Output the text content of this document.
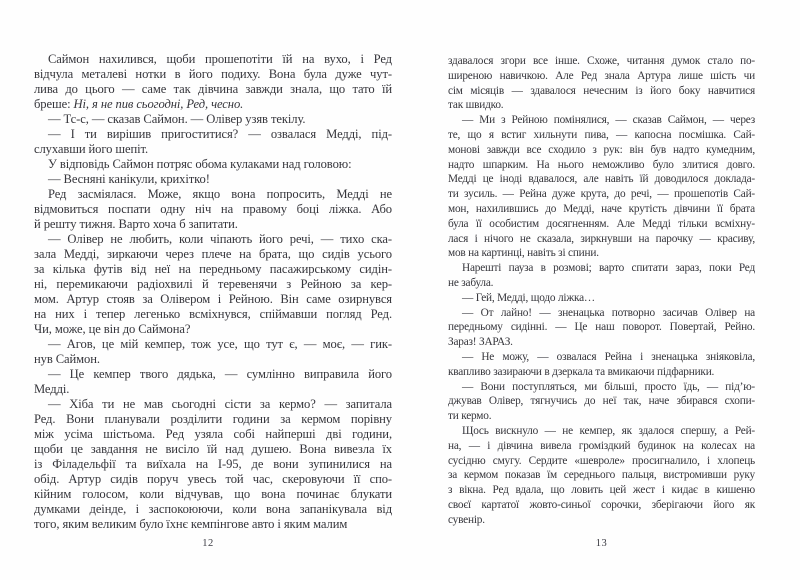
Саймон нахилився, щоби прошепотіти їй на вухо, і Ред
відчула металеві нотки в його подиху. Вона була дуже чут-
лива до цього — саме так дівчина завжди знала, що тато їй
бреше: Ні, я не пив сьогодні, Ред, чесно.
— Тс-с, — сказав Саймон. — Олівер узяв текілу.
— І ти вирішив пригоститися? — озвалася Медді, під-
слухавши його шепіт.
У відповідь Саймон потряс обома кулаками над головою:
— Весняні канікули, крихітко!
Ред засміялася. Може, якщо вона попросить, Медді не
відмовиться поспати одну ніч на правому боці ліжка. Або
й решту тижня. Варто хоча б запитати.
— Олівер не любить, коли чіпають його речі, — тихо ска-
зала Медді, зиркаючи через плече на брата, що сидів усього
за кілька футів від неї на передньому пасажирському сидін-
ні, перемикаючи радіохвилі й теревенячи з Рейною за кер-
мом. Артур стояв за Олівером і Рейною. Він саме озирнувся
на них і тепер легенько всміхнувся, спіймавши погляд Ред.
Чи, може, це він до Саймона?
— Агов, це мій кемпер, тож усе, що тут є, — моє, — гик-
нув Саймон.
— Це кемпер твого дядька, — сумлінно виправила його
Медді.
— Хіба ти не мав сьогодні сісти за кермо? — запитала
Ред. Вони планували розділити години за кермом порівну
між усіма шістьома. Ред узяла собі найперші дві години,
щоби це завдання не висіло їй над душею. Вона вивезла їх
із Філадельфії та виїхала на І-95, де вони зупинилися на
обід. Артур сидів поруч увесь той час, скеровуючи її спо-
кійним голосом, коли відчував, що вона починає блукати
думками деінде, і заспокоюючи, коли вона запанікувала від
того, яким великим було їхнє кемпінгове авто і яким малим
здавалося згори все інше. Схоже, читання думок стало по-
ширеною навичкою. Але Ред знала Артура лише шість чи
сім місяців — здавалося нечесним із його боку навчитися
так швидко.
— Ми з Рейною помінялися, — сказав Саймон, — через
те, що я встиг хильнути пива, — капосна посмішка. Сай-
монові завжди все сходило з рук: він був надто кумедним,
надто шпарким. На нього неможливо було злитися довго.
Медді це іноді вдавалося, але навіть їй доводилося доклада-
ти зусиль. — Рейна дуже крута, до речі, — прошепотів Сай-
мон, нахилившись до Медді, наче крутість дівчини її брата
була її особистим досягненням. Але Медді тільки всміхну-
лася і нічого не сказала, зиркнувши на парочку — красиву,
мов на картинці, навіть зі спини.
Нарешті пауза в розмові; варто спитати зараз, поки Ред
не забула.
— Гей, Медді, щодо ліжка…
— От лайно! — зненацька потворно засичав Олівер на
передньому сидінні. — Це наш поворот. Повертай, Рейно.
Зараз! ЗАРАЗ.
— Не можу, — озвалася Рейна і зненацька зніяковіла,
квапливо зазираючи в дзеркала та вмикаючи підфарники.
— Вони поступляться, ми більші, просто їдь, — під’ю-
джував Олівер, тягнучись до неї так, наче збирався схопи-
ти кермо.
Щось вискнуло — не кемпер, як здалося спершу, а Рей-
на, — і дівчина вивела громіздкий будинок на колесах на
сусідню смугу. Сердите «шевроле» просигналило, і хлопець
за кермом показав їм середнього пальця, вистромивши руку
з вікна. Ред вдала, що ловить цей жест і кидає в кишеню
своєї картатої жовто-синьої сорочки, зберігаючи його як
сувенір.
12	13
